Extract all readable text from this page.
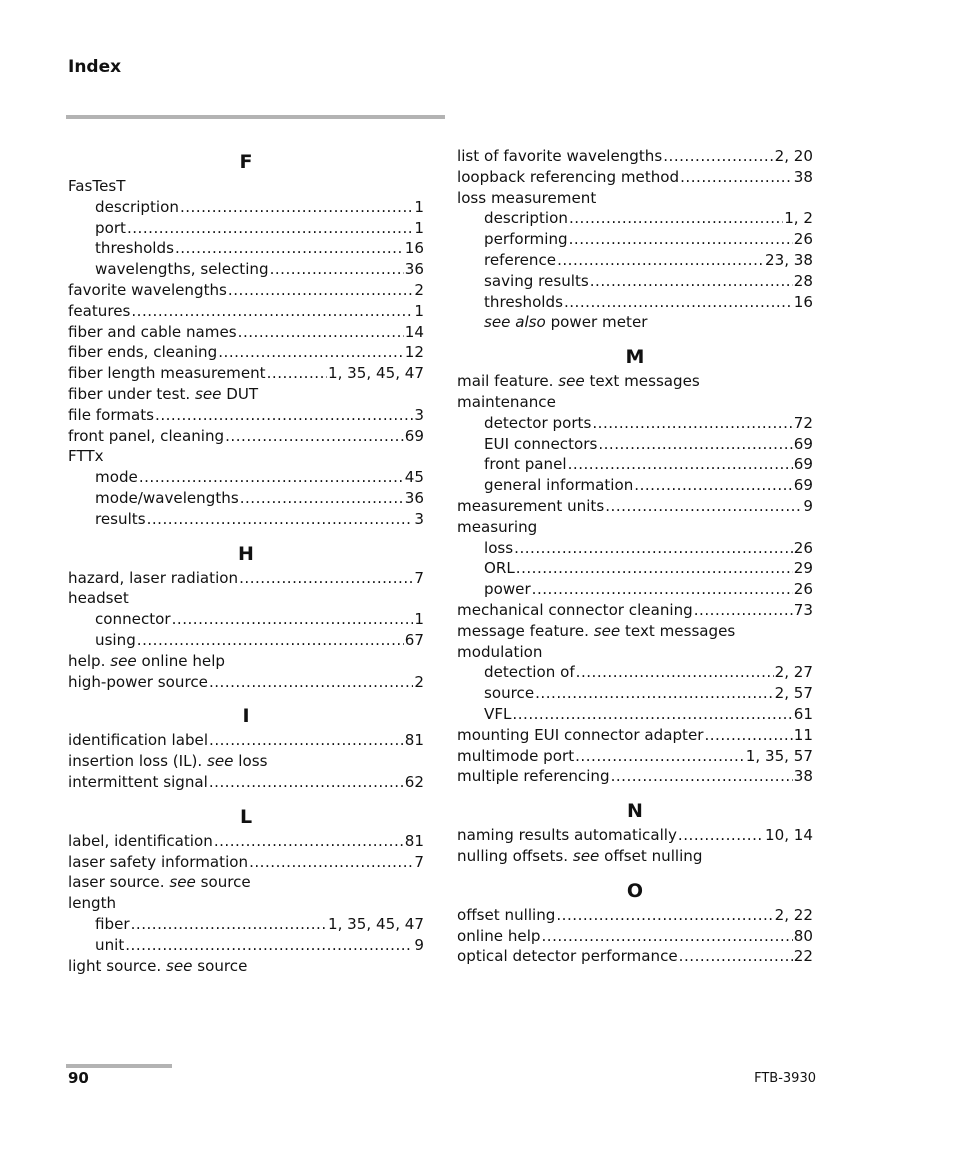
Index
F
FasTesT
description .....	1
port .....	1
thresholds .....	16
wavelengths, selecting .....	36
favorite wavelengths .....	2
features .....	1
fiber and cable names .....	14
fiber ends, cleaning .....	12
fiber length measurement .....	1, 35, 45, 47
fiber under test. see DUT
file formats .....	3
front panel, cleaning .....	69
FTTx
mode .....	45
mode/wavelengths .....	36
results .....	3
H
hazard, laser radiation .....	7
headset
connector .....	1
using .....	67
help. see online help
high-power source .....	2
I
identification label .....	81
insertion loss (IL). see loss
intermittent signal .....	62
L
label, identification .....	81
laser safety information .....	7
laser source. see source
length
fiber .....	1, 35, 45, 47
unit .....	9
light source. see source
list of favorite wavelengths .....	2, 20
loopback referencing method .....	38
loss measurement
description .....	1, 2
performing .....	26
reference .....	23, 38
saving results .....	28
thresholds .....	16
see also power meter
M
mail feature. see text messages
maintenance
detector ports .....	72
EUI connectors .....	69
front panel .....	69
general information .....	69
measurement units .....	9
measuring
loss .....	26
ORL .....	29
power .....	26
mechanical connector cleaning .....	73
message feature. see text messages
modulation
detection of .....	2, 27
source .....	2, 57
VFL .....	61
mounting EUI connector adapter .....	11
multimode port .....	1, 35, 57
multiple referencing .....	38
N
naming results automatically .....	10, 14
nulling offsets. see offset nulling
O
offset nulling .....	2, 22
online help .....	80
optical detector performance .....	22
90	FTB-3930
